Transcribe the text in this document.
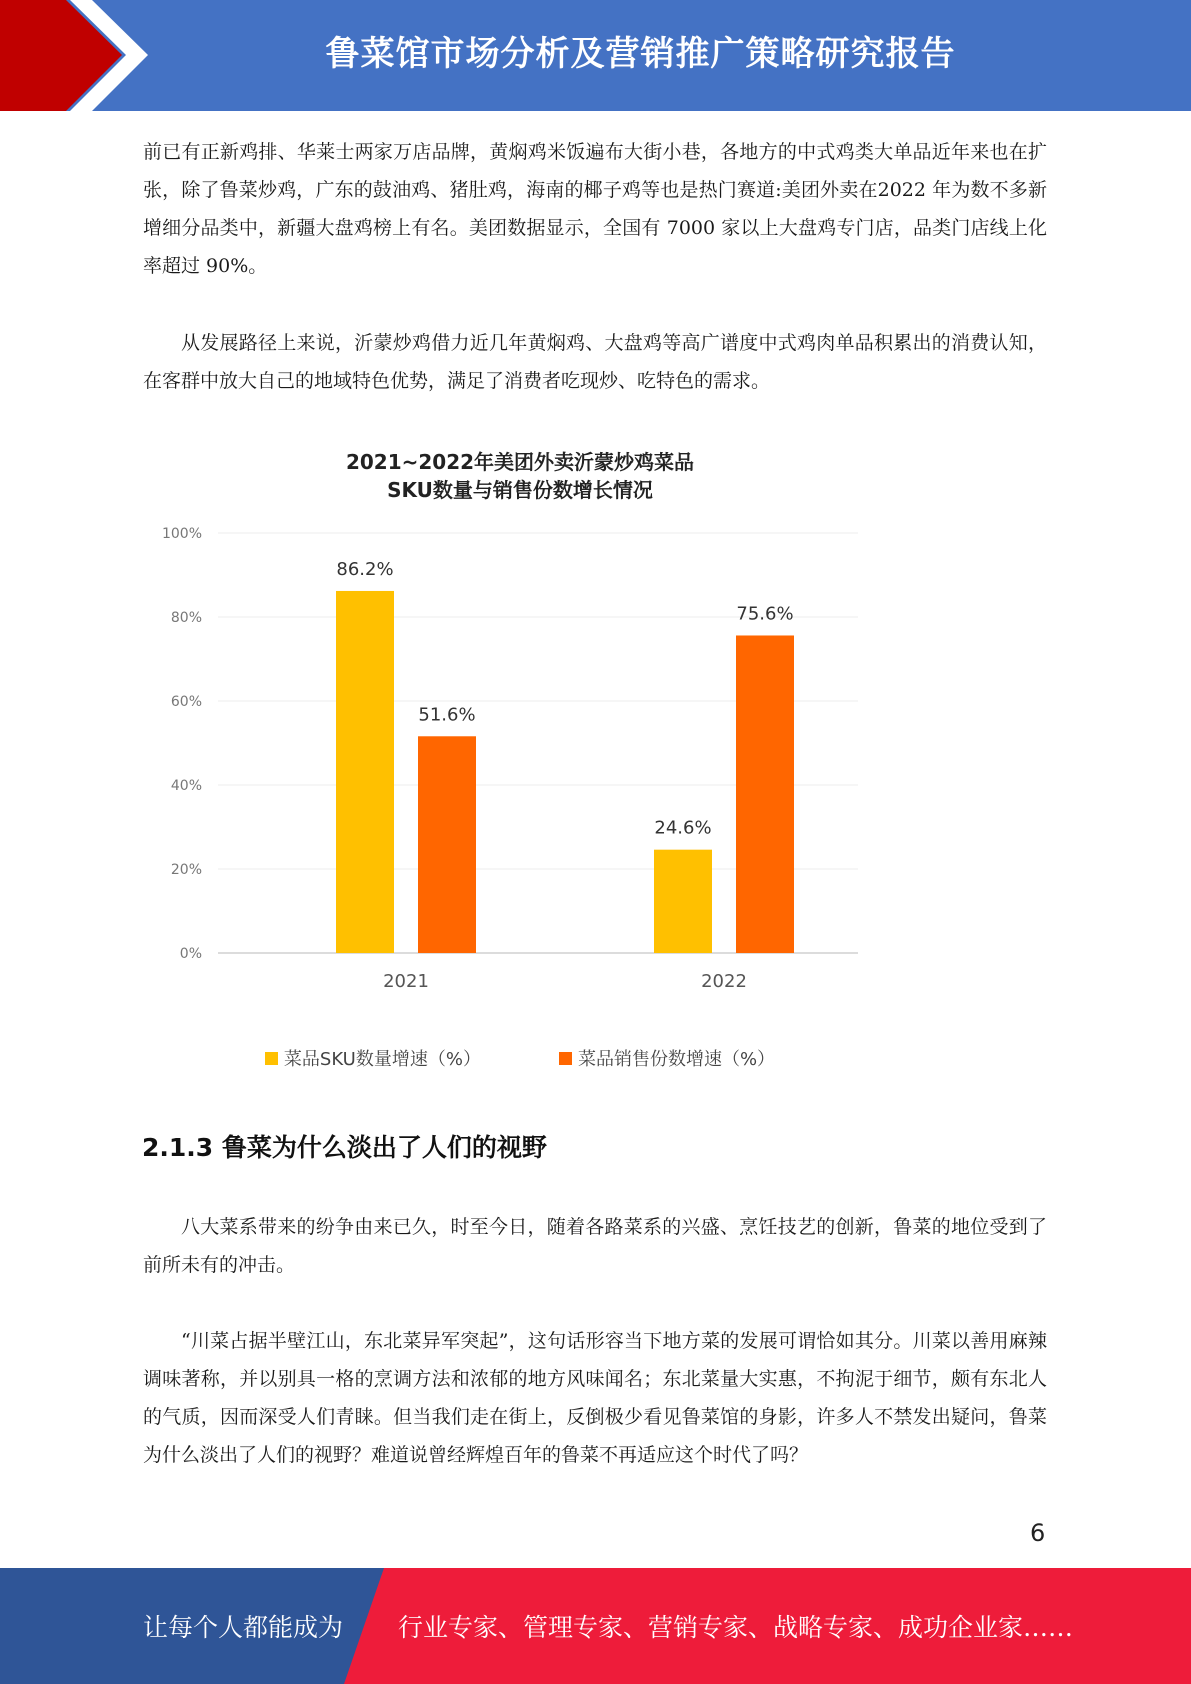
鲁菜馆市场分析及营销推广策略研究报告

前已有正新鸡排、华莱士两家万店品牌，黄焖鸡米饭遍布大街小巷，各地方的中式鸡类大单品近年来也在扩张，除了鲁菜炒鸡，广东的鼓油鸡、猪肚鸡，海南的椰子鸡等也是热门赛道:美团外卖在2022 年为数不多新增细分品类中，新疆大盘鸡榜上有名。美团数据显示，全国有 7000 家以上大盘鸡专门店，品类门店线上化率超过 90%。

从发展路径上来说，沂蒙炒鸡借力近几年黄焖鸡、大盘鸡等高广谱度中式鸡肉单品积累出的消费认知，在客群中放大自己的地域特色优势，满足了消费者吃现炒、吃特色的需求。

2021~2022年美团外卖沂蒙炒鸡菜品
SKU数量与销售份数增长情况
0%
20%
40%
60%
80%
100%
86.2%
51.6%
2021
24.6%
75.6%
2022
菜品SKU数量增速（%）	菜品销售份数增速（%）
2.1.3 鲁菜为什么淡出了人们的视野

八大菜系带来的纷争由来已久，时至今日，随着各路菜系的兴盛、烹饪技艺的创新，鲁菜的地位受到了前所未有的冲击。

“川菜占据半壁江山，东北菜异军突起”，这句话形容当下地方菜的发展可谓恰如其分。川菜以善用麻辣调味著称，并以别具一格的烹调方法和浓郁的地方风味闻名；东北菜量大实惠，不拘泥于细节，颇有东北人的气质，因而深受人们青睐。但当我们走在街上，反倒极少看见鲁菜馆的身影，许多人不禁发出疑问，鲁菜为什么淡出了人们的视野？难道说曾经辉煌百年的鲁菜不再适应这个时代了吗？

6
让每个人都能成为 行业专家、管理专家、营销专家、战略专家、成功企业家……
